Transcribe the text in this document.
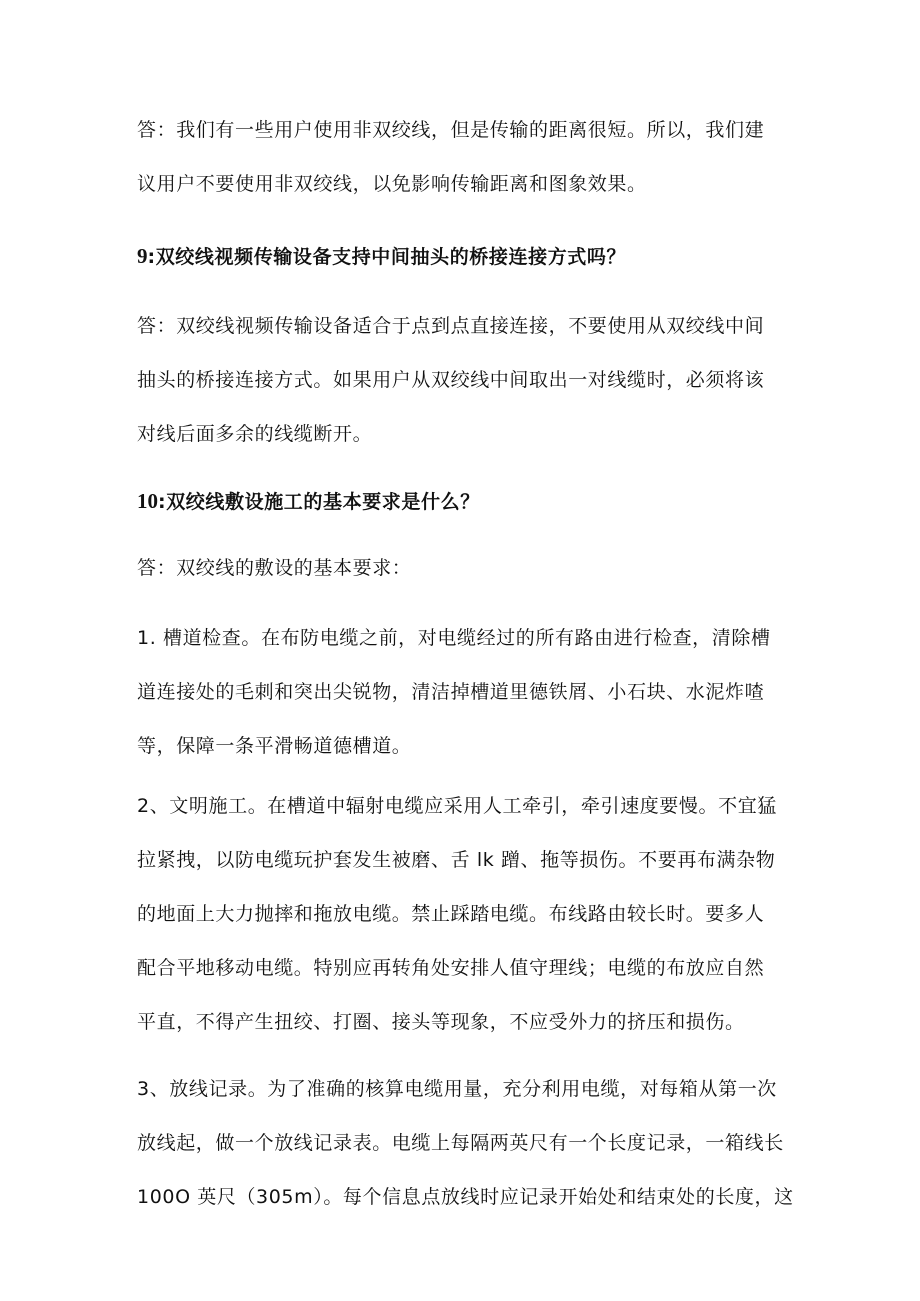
答：我们有一些用户使用非双绞线，但是传输的距离很短。所以，我们建
议用户不要使用非双绞线，以免影响传输距离和图象效果。

9:双绞线视频传输设备支持中间抽头的桥接连接方式吗？

答：双绞线视频传输设备适合于点到点直接连接，不要使用从双绞线中间
抽头的桥接连接方式。如果用户从双绞线中间取出一对线缆时，必须将该
对线后面多余的线缆断开。

10:双绞线敷设施工的基本要求是什么？

答：双绞线的敷设的基本要求：

1. 槽道检查。在布防电缆之前，对电缆经过的所有路由进行检查，清除槽
道连接处的毛刺和突出尖锐物，清洁掉槽道里德铁屑、小石块、水泥炸喳
等，保障一条平滑畅道德槽道。

2、文明施工。在槽道中辐射电缆应采用人工牵引，牵引速度要慢。不宜猛
拉紧拽，以防电缆玩护套发生被磨、舌 lk 蹭、拖等损伤。不要再布满杂物
的地面上大力抛摔和拖放电缆。禁止踩踏电缆。布线路由较长时。要多人
配合平地移动电缆。特别应再转角处安排人值守理线；电缆的布放应自然
平直，不得产生扭绞、打圈、接头等现象，不应受外力的挤压和损伤。

3、放线记录。为了准确的核算电缆用量，充分利用电缆，对每箱从第一次
放线起，做一个放线记录表。电缆上每隔两英尺有一个长度记录，一箱线长
100O 英尺（305m）。每个信息点放线时应记录开始处和结束处的长度，这
